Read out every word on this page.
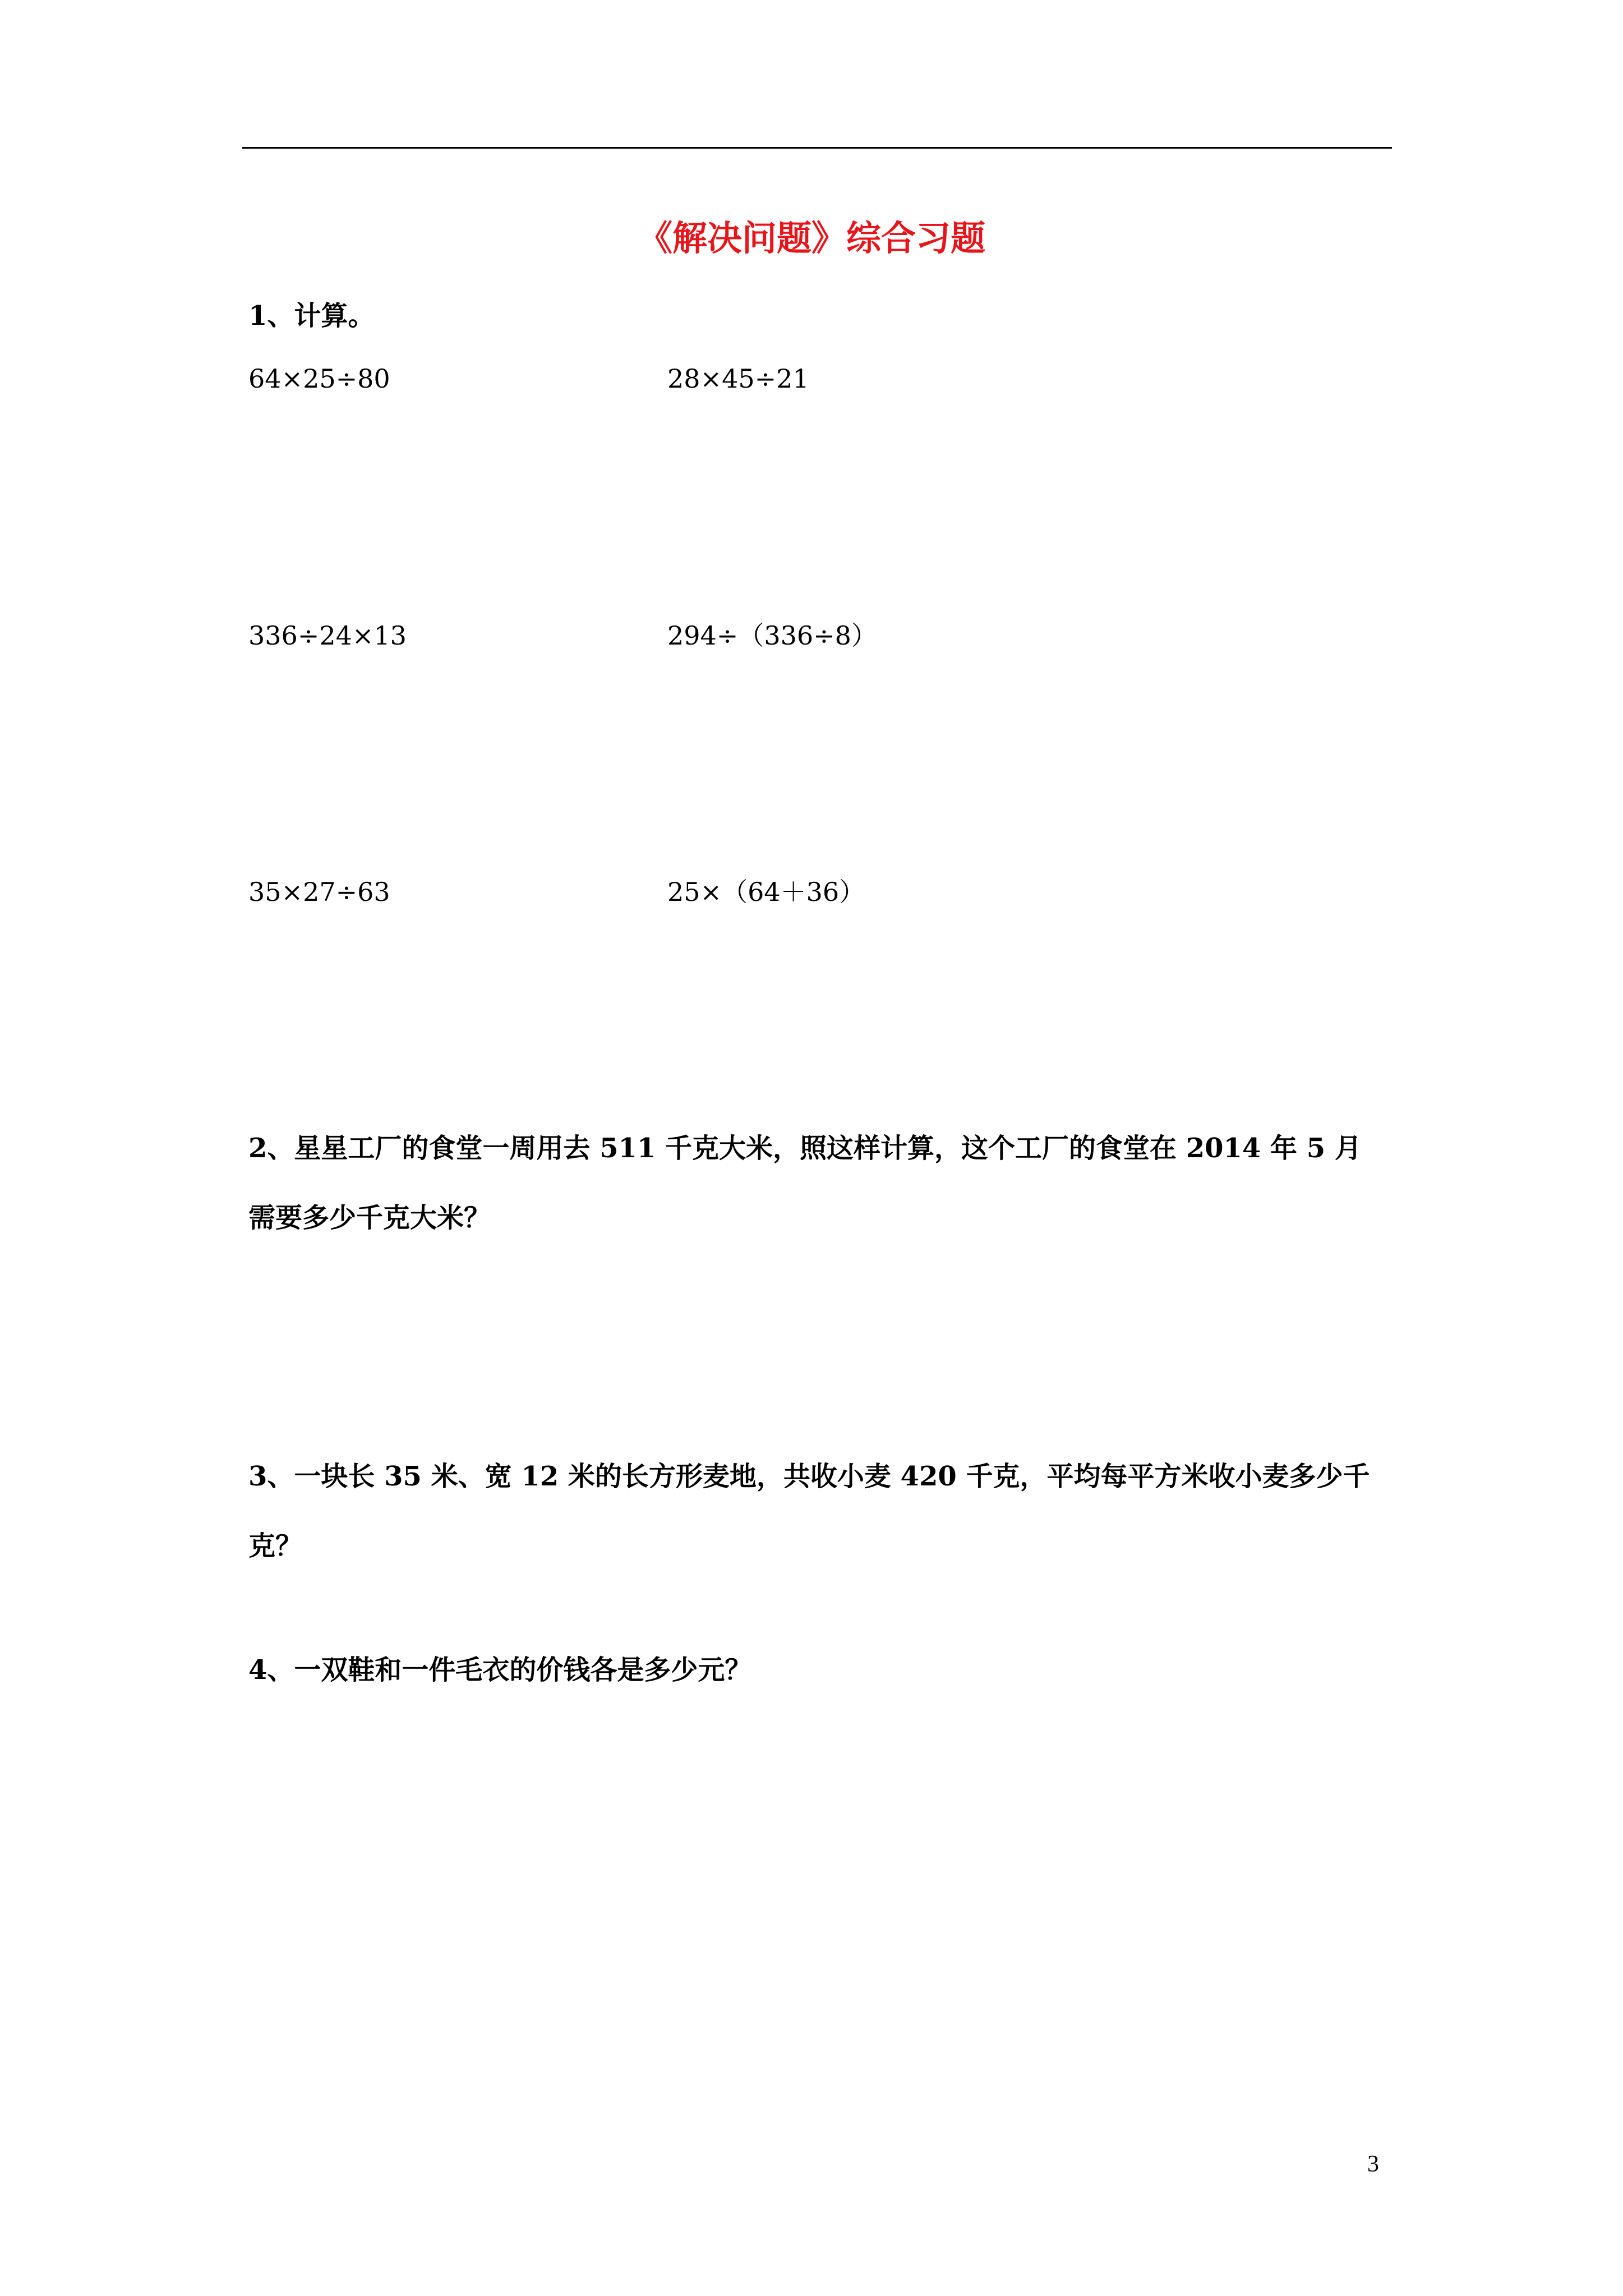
《解决问题》综合习题
1、计算。
64×25÷80	28×45÷21
336÷24×13	294÷（336÷8）
35×27÷63	25×（64＋36）
2、星星工厂的食堂一周用去 511 千克大米，照这样计算，这个工厂的食堂在 2014 年 5 月
需要多少千克大米？
3、一块长 35 米、宽 12 米的长方形麦地，共收小麦 420 千克，平均每平方米收小麦多少千
克？
4、一双鞋和一件毛衣的价钱各是多少元？
3
